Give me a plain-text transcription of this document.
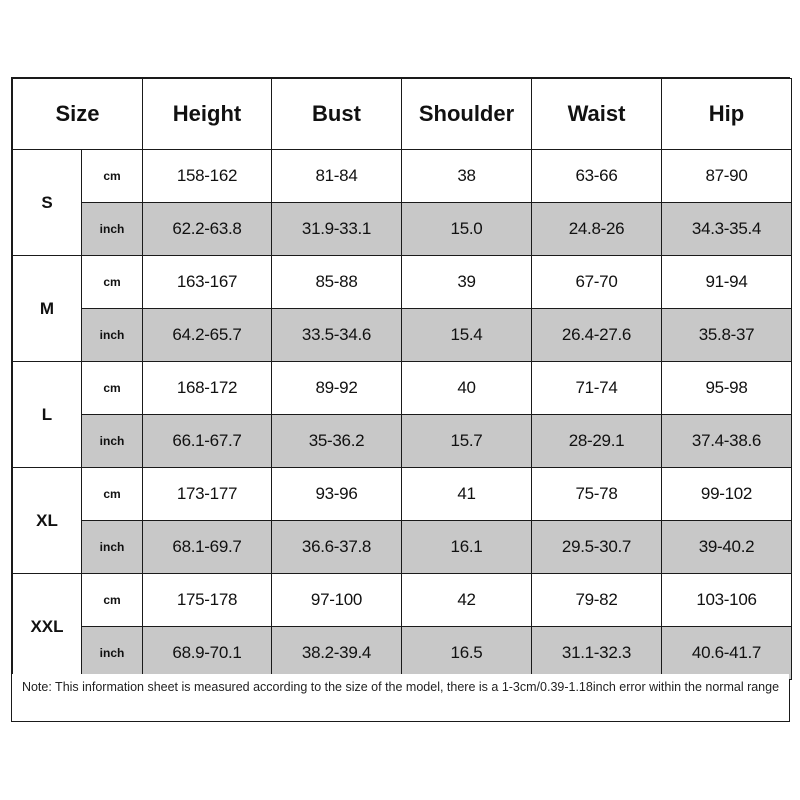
Size		Height	Bust	Shoulder	Waist	Hip
S	cm	158-162	81-84	38	63-66	87-90
	inch	62.2-63.8	31.9-33.1	15.0	24.8-26	34.3-35.4
M	cm	163-167	85-88	39	67-70	91-94
	inch	64.2-65.7	33.5-34.6	15.4	26.4-27.6	35.8-37
L	cm	168-172	89-92	40	71-74	95-98
	inch	66.1-67.7	35-36.2	15.7	28-29.1	37.4-38.6
XL	cm	173-177	93-96	41	75-78	99-102
	inch	68.1-69.7	36.6-37.8	16.1	29.5-30.7	39-40.2
XXL	cm	175-178	97-100	42	79-82	103-106
	inch	68.9-70.1	38.2-39.4	16.5	31.1-32.3	40.6-41.7
Note: This information sheet is measured according to the size of the model, there is a 1-3cm/0.39-1.18inch error within the normal range
